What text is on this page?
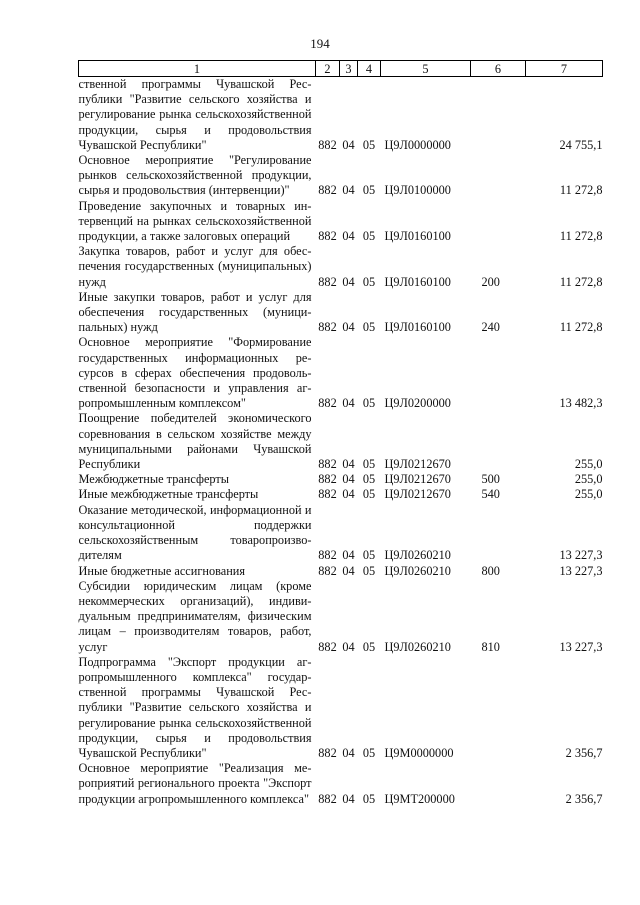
194
1	2	3	4	5	6	7
ственной программы Чувашской Республики "Развитие сельского хозяйства и регулирование рынка сельскохозяйственной продукции, сырья и продовольствия Чувашской Республики"	882	04	05	Ц9Л0000000		24 755,1
Основное мероприятие "Регулирование рынков сельскохозяйственной продукции, сырья и продовольствия (интервенции)"	882	04	05	Ц9Л0100000		11 272,8
Проведение закупочных и товарных интервенций на рынках сельскохозяйственной продукции, а также залоговых операций	882	04	05	Ц9Л0160100		11 272,8
Закупка товаров, работ и услуг для обеспечения государственных (муниципальных) нужд	882	04	05	Ц9Л0160100	200	11 272,8
Иные закупки товаров, работ и услуг для обеспечения государственных (муниципальных) нужд	882	04	05	Ц9Л0160100	240	11 272,8
Основное мероприятие "Формирование государственных информационных ресурсов в сферах обеспечения продовольственной безопасности и управления агропромышленным комплексом"	882	04	05	Ц9Л0200000		13 482,3
Поощрение победителей экономического соревнования в сельском хозяйстве между муниципальными районами Чувашской Республики	882	04	05	Ц9Л0212670		255,0
Межбюджетные трансферты	882	04	05	Ц9Л0212670	500	255,0
Иные межбюджетные трансферты	882	04	05	Ц9Л0212670	540	255,0
Оказание методической, информационной и консультационной поддержки сельскохозяйственным товаропроизводителям	882	04	05	Ц9Л0260210		13 227,3
Иные бюджетные ассигнования	882	04	05	Ц9Л0260210	800	13 227,3
Субсидии юридическим лицам (кроме некоммерческих организаций), индивидуальным предпринимателям, физическим лицам – производителям товаров, работ, услуг	882	04	05	Ц9Л0260210	810	13 227,3
Подпрограмма "Экспорт продукции агропромышленного комплекса" государственной программы Чувашской Республики "Развитие сельского хозяйства и регулирование рынка сельскохозяйственной продукции, сырья и продовольствия Чувашской Республики"	882	04	05	Ц9М0000000		2 356,7
Основное мероприятие "Реализация мероприятий регионального проекта "Экспорт продукции агропромышленного комплекса"	882	04	05	Ц9МТ200000		2 356,7
